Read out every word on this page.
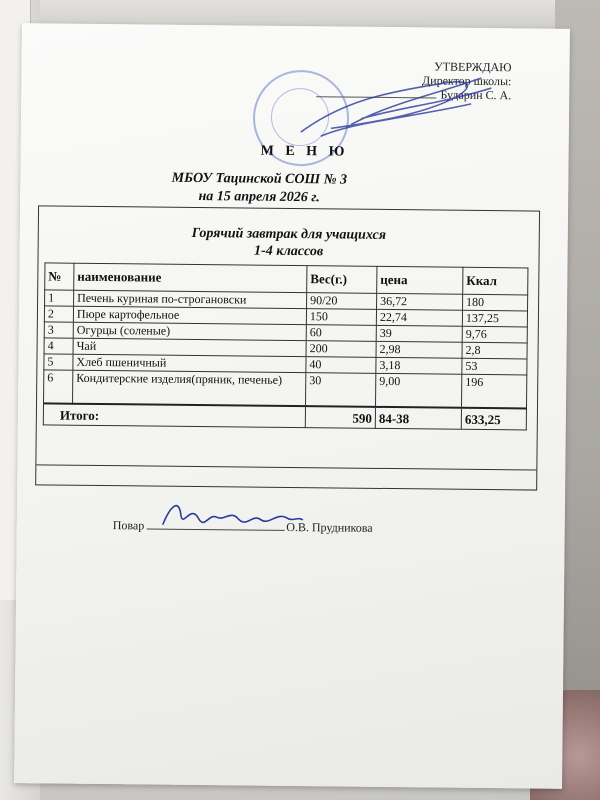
УТВЕРЖДАЮ
Директор школы:
Бударин С. А.
М Е Н Ю
МБОУ Тацинской СОШ № 3
на 15 апреля 2026 г.
Горячий завтрак для учащихся
1-4 классов
№	наименование	Вес(г.)	цена	Ккал
1	Печень куриная по-строгановски	90/20	36,72	180
2	Пюре картофельное	150	22,74	137,25
3	Огурцы (соленые)	60	39	9,76
4	Чай	200	2,98	2,8
5	Хлеб пшеничный	40	3,18	53
6	Кондитерские изделия(пряник, печенье)	30	9,00	196
Итого:		590	84-38	633,25
Повар	О.В. Прудникова
